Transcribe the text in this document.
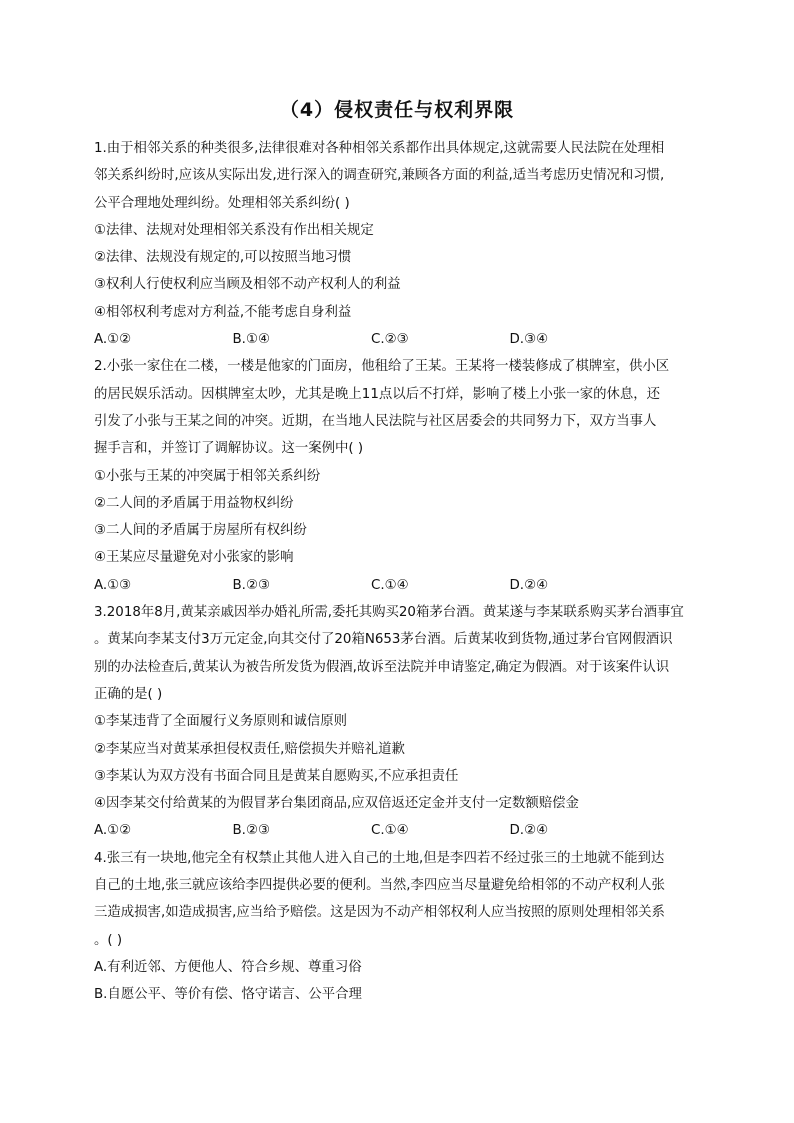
（4）侵权责任与权利界限

1.由于相邻关系的种类很多,法律很难对各种相邻关系都作出具体规定,这就需要人民法院在处理相

邻关系纠纷时,应该从实际出发,进行深入的调查研究,兼顾各方面的利益,适当考虑历史情况和习惯,

公平合理地处理纠纷。处理相邻关系纠纷( )

①法律、法规对处理相邻关系没有作出相关规定

②法律、法规没有规定的,可以按照当地习惯

③权利人行使权利应当顾及相邻不动产权利人的利益

④相邻权利考虑对方利益,不能考虑自身利益

A.①②	B.①④	C.②③	D.③④

2.小张一家住在二楼，一楼是他家的门面房，他租给了王某。王某将一楼装修成了棋牌室，供小区

的居民娱乐活动。因棋牌室太吵，尤其是晚上11点以后不打烊，影响了楼上小张一家的休息，还

引发了小张与王某之间的冲突。近期，在当地人民法院与社区居委会的共同努力下，双方当事人

握手言和，并签订了调解协议。这一案例中( )

①小张与王某的冲突属于相邻关系纠纷

②二人间的矛盾属于用益物权纠纷

③二人间的矛盾属于房屋所有权纠纷

④王某应尽量避免对小张家的影响

A.①③	B.②③	C.①④	D.②④

3.2018年8月,黄某亲戚因举办婚礼所需,委托其购买20箱茅台酒。黄某遂与李某联系购买茅台酒事宜

。黄某向李某支付3万元定金,向其交付了20箱N653茅台酒。后黄某收到货物,通过茅台官网假酒识

别的办法检查后,黄某认为被告所发货为假酒,故诉至法院并申请鉴定,确定为假酒。对于该案件认识

正确的是( )

①李某违背了全面履行义务原则和诚信原则

②李某应当对黄某承担侵权责任,赔偿损失并赔礼道歉

③李某认为双方没有书面合同且是黄某自愿购买,不应承担责任

④因李某交付给黄某的为假冒茅台集团商品,应双倍返还定金并支付一定数额赔偿金

A.①②	B.②③	C.①④	D.②④

4.张三有一块地,他完全有权禁止其他人进入自己的土地,但是李四若不经过张三的土地就不能到达

自己的土地,张三就应该给李四提供必要的便利。当然,李四应当尽量避免给相邻的不动产权利人张

三造成损害,如造成损害,应当给予赔偿。这是因为不动产相邻权利人应当按照的原则处理相邻关系

。( )

A.有利近邻、方便他人、符合乡规、尊重习俗

B.自愿公平、等价有偿、恪守诺言、公平合理
